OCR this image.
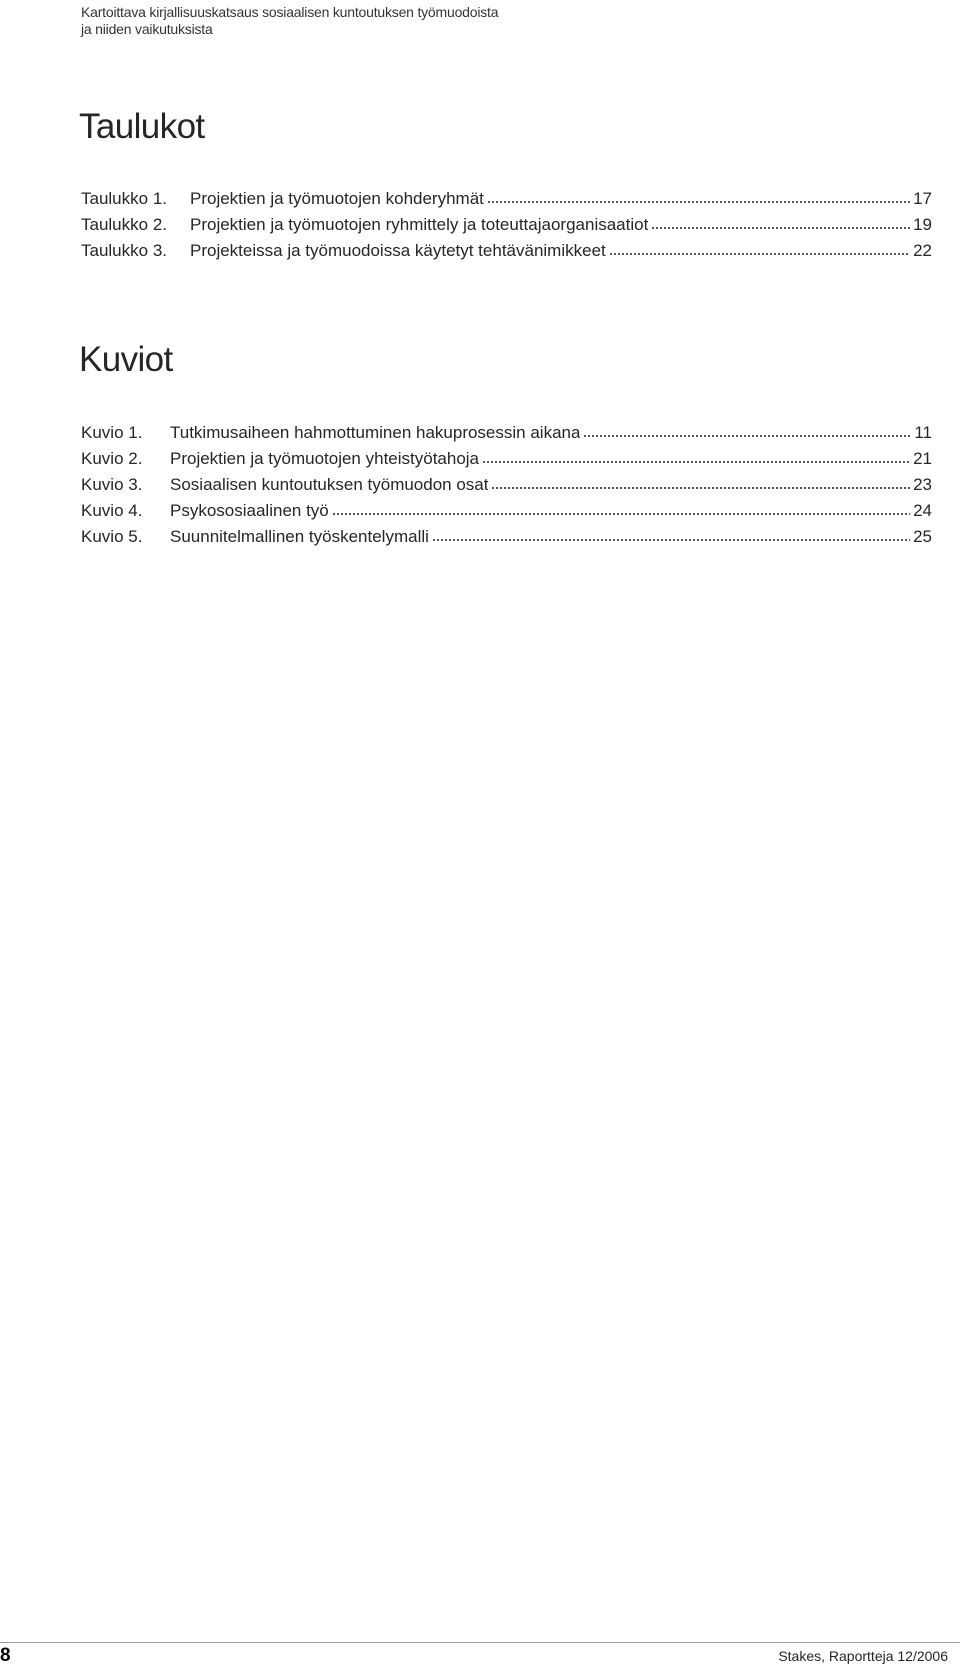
Kartoittava kirjallisuuskatsaus sosiaalisen kuntoutuksen työmuodoista
ja niiden vaikutuksista
Taulukot
Taulukko 1.	Projektien ja työmuotojen kohderyhmät	17
Taulukko 2.	Projektien ja työmuotojen ryhmittely ja toteuttajaorganisaatiot	19
Taulukko 3.	Projekteissa ja työmuodoissa käytetyt tehtävänimikkeet	22
Kuviot
Kuvio 1.	Tutkimusaiheen hahmottuminen hakuprosessin aikana	11
Kuvio 2.	Projektien ja työmuotojen yhteistyötahoja	21
Kuvio 3.	Sosiaalisen kuntoutuksen työmuodon osat	23
Kuvio 4.	Psykososiaalinen työ	24
Kuvio 5.	Suunnitelmallinen työskentelymalli	25
8	Stakes, Raportteja 12/2006
